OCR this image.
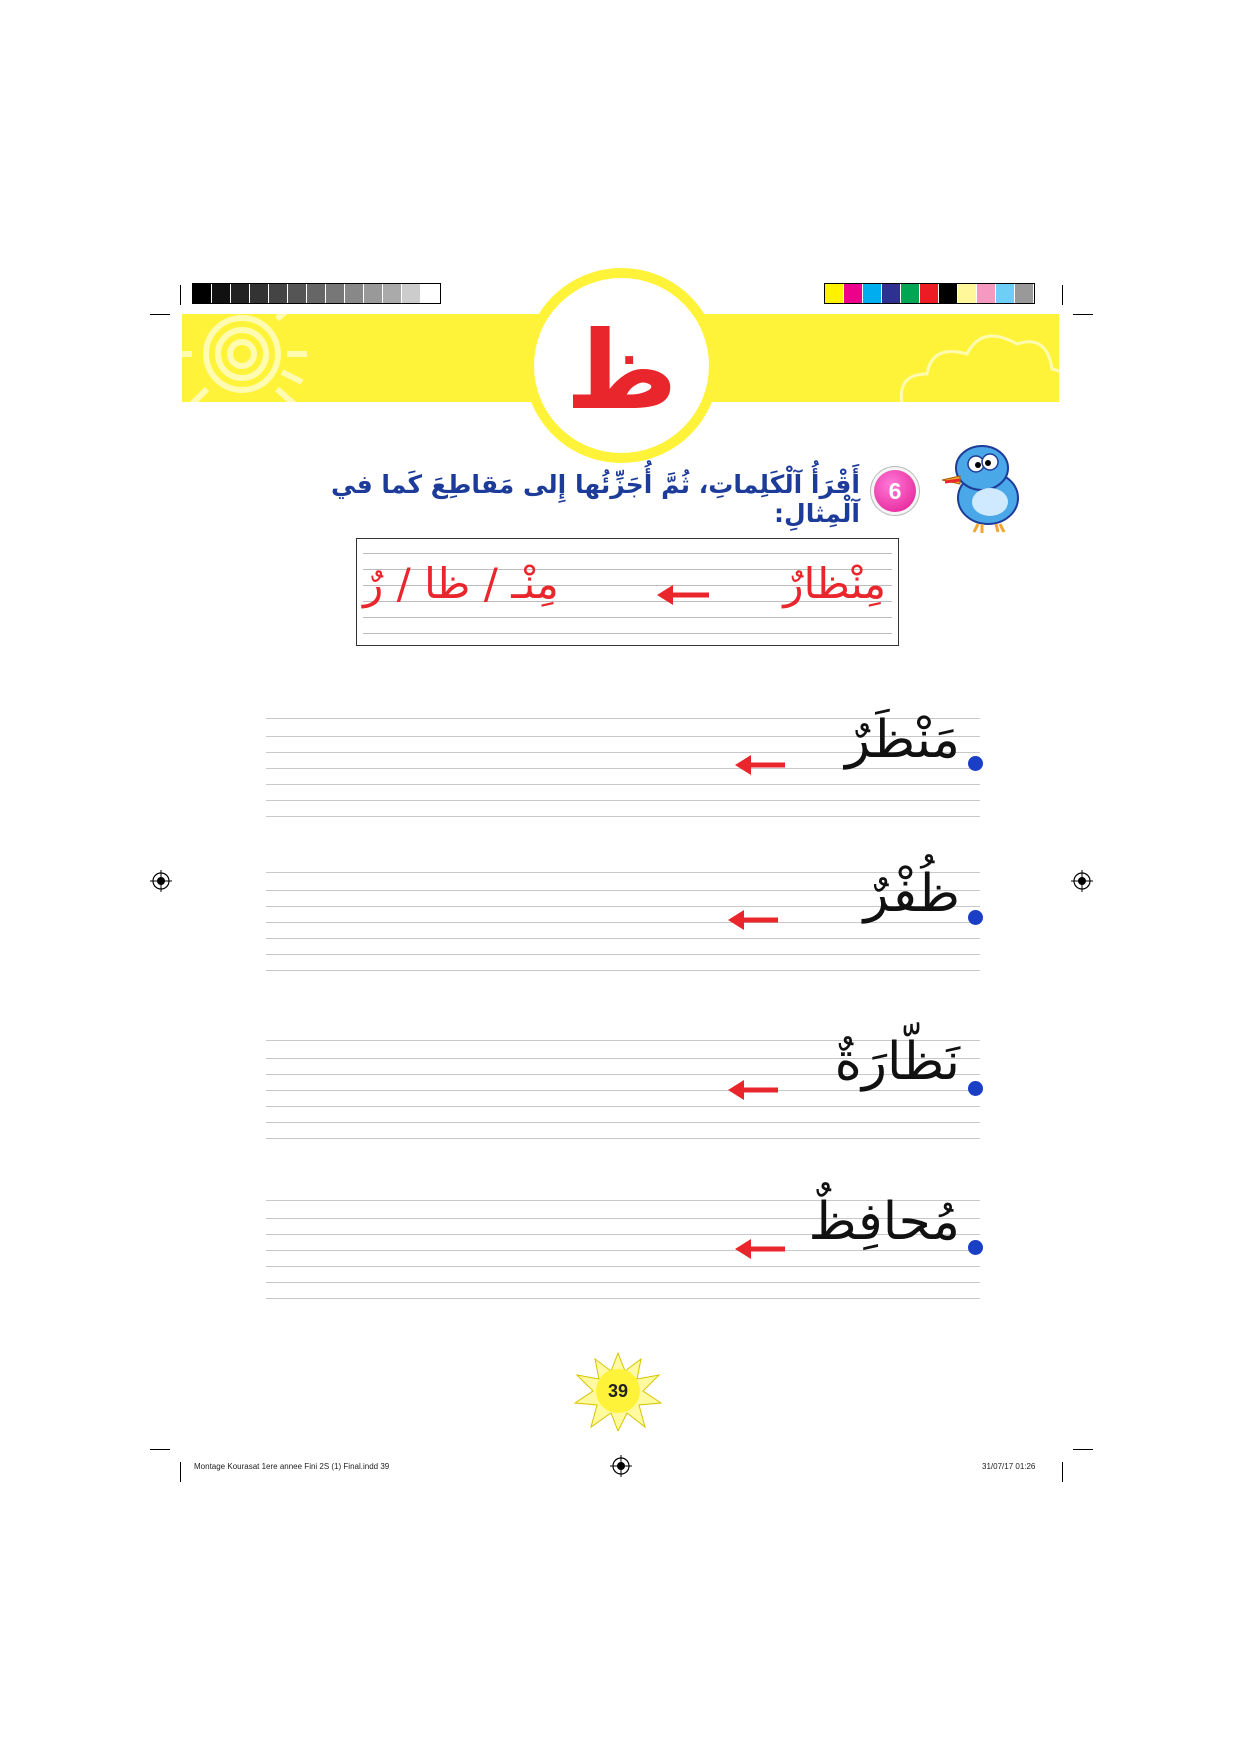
ظ
6
أَقْرَأُ آلْكَلِماتِ، ثُمَّ أُجَزِّئُها إِلى مَقاطِعَ كَما في آلْمِثالِ:
مِنْظارٌ
مِنْـ / ظا / رٌ
مَنْظَرٌ
ظُفْرٌ
نَظّارَةٌ
مُحافِظٌ
39
Montage Kourasat 1ere annee Fini 2S (1) Final.indd 39	31/07/17 01:26
